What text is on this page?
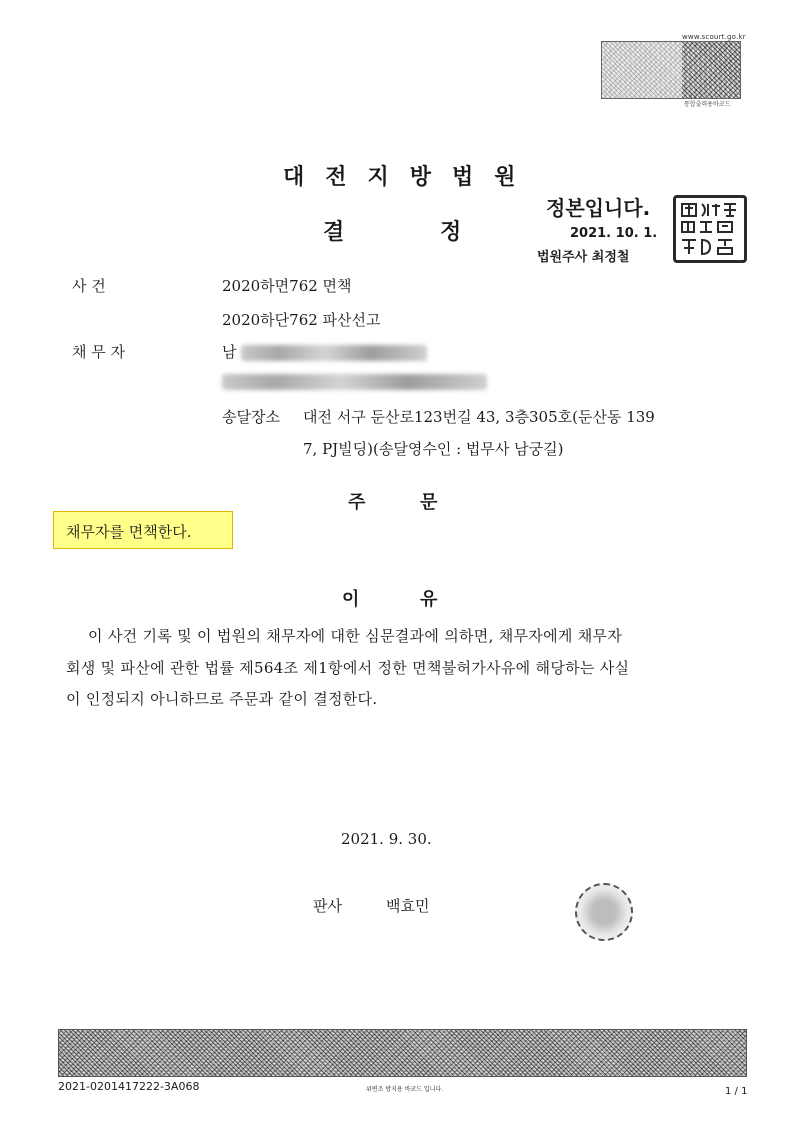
www.scourt.go.kr
통합출력용바코드
대전지방법원
결	정
정본입니다.
2021. 10. 1.
법원주사 최정철
사 건	2020하면762 면책
2020하단762 파산선고
채 무 자	남
송달장소 대전 서구 둔산로123번길 43, 3층305호(둔산동 139
7, PJ빌딩)(송달영수인 : 법무사 남궁길)
주	문
채무자를 면책한다.
이	유
이 사건 기록 및 이 법원의 채무자에 대한 심문결과에 의하면, 채무자에게 채무자
회생 및 파산에 관한 법률 제564조 제1항에서 정한 면책불허가사유에 해당하는 사실
이 인정되지 아니하므로 주문과 같이 결정한다.
2021. 9. 30.
판사	백효민
2021-0201417222-3A068	위변조 방지용 바코드 입니다.	1 / 1
